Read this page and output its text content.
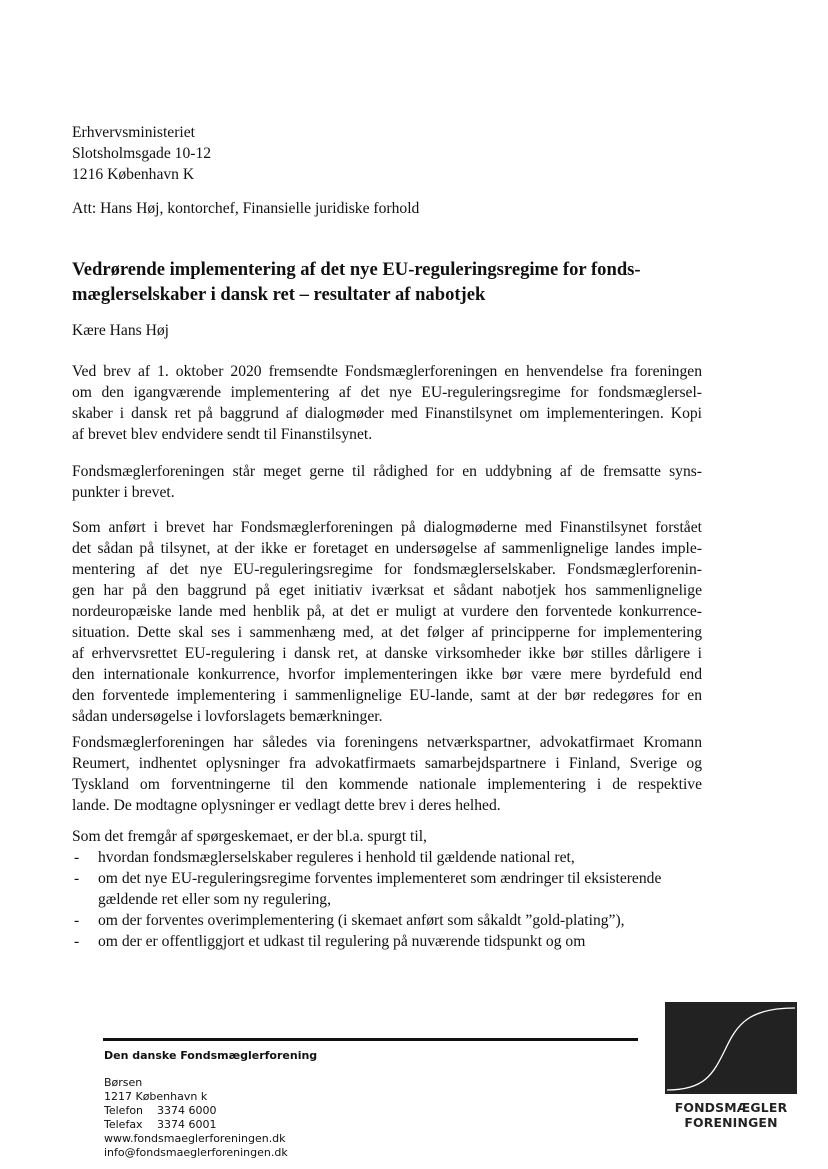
Erhvervsministeriet
Slotsholmsgade 10-12
1216 København K
Att: Hans Høj, kontorchef, Finansielle juridiske forhold
Vedrørende implementering af det nye EU-reguleringsregime for fonds-
mæglerselskaber i dansk ret – resultater af nabotjek
Kære Hans Høj
Ved brev af 1. oktober 2020 fremsendte Fondsmæglerforeningen en henvendelse fra foreningen
om den igangværende implementering af det nye EU-reguleringsregime for fondsmæglersel-
skaber i dansk ret på baggrund af dialogmøder med Finanstilsynet om implementeringen. Kopi
af brevet blev endvidere sendt til Finanstilsynet.
Fondsmæglerforeningen står meget gerne til rådighed for en uddybning af de fremsatte syns-
punkter i brevet.
Som anført i brevet har Fondsmæglerforeningen på dialogmøderne med Finanstilsynet forstået
det sådan på tilsynet, at der ikke er foretaget en undersøgelse af sammenlignelige landes imple-
mentering af det nye EU-reguleringsregime for fondsmæglerselskaber. Fondsmæglerforenin-
gen har på den baggrund på eget initiativ iværksat et sådant nabotjek hos sammenlignelige
nordeuropæiske lande med henblik på, at det er muligt at vurdere den forventede konkurrence-
situation. Dette skal ses i sammenhæng med, at det følger af principperne for implementering
af erhvervsrettet EU-regulering i dansk ret, at danske virksomheder ikke bør stilles dårligere i
den internationale konkurrence, hvorfor implementeringen ikke bør være mere byrdefuld end
den forventede implementering i sammenlignelige EU-lande, samt at der bør redegøres for en
sådan undersøgelse i lovforslagets bemærkninger.
Fondsmæglerforeningen har således via foreningens netværkspartner, advokatfirmaet Kromann
Reumert, indhentet oplysninger fra advokatfirmaets samarbejdspartnere i Finland, Sverige og
Tyskland om forventningerne til den kommende nationale implementering i de respektive
lande. De modtagne oplysninger er vedlagt dette brev i deres helhed.
Som det fremgår af spørgeskemaet, er der bl.a. spurgt til,
- hvordan fondsmæglerselskaber reguleres i henhold til gældende national ret,
- om det nye EU-reguleringsregime forventes implementeret som ændringer til eksisterende
gældende ret eller som ny regulering,
- om der forventes overimplementering (i skemaet anført som såkaldt ”gold-plating”),
- om der er offentliggjort et udkast til regulering på nuværende tidspunkt og om
Den danske Fondsmæglerforening
Børsen
1217 København k
Telefon 3374 6000
Telefax 3374 6001
www.fondsmaeglerforeningen.dk
info@fondsmaeglerforeningen.dk
FONDSMÆGLER
FORENINGEN
